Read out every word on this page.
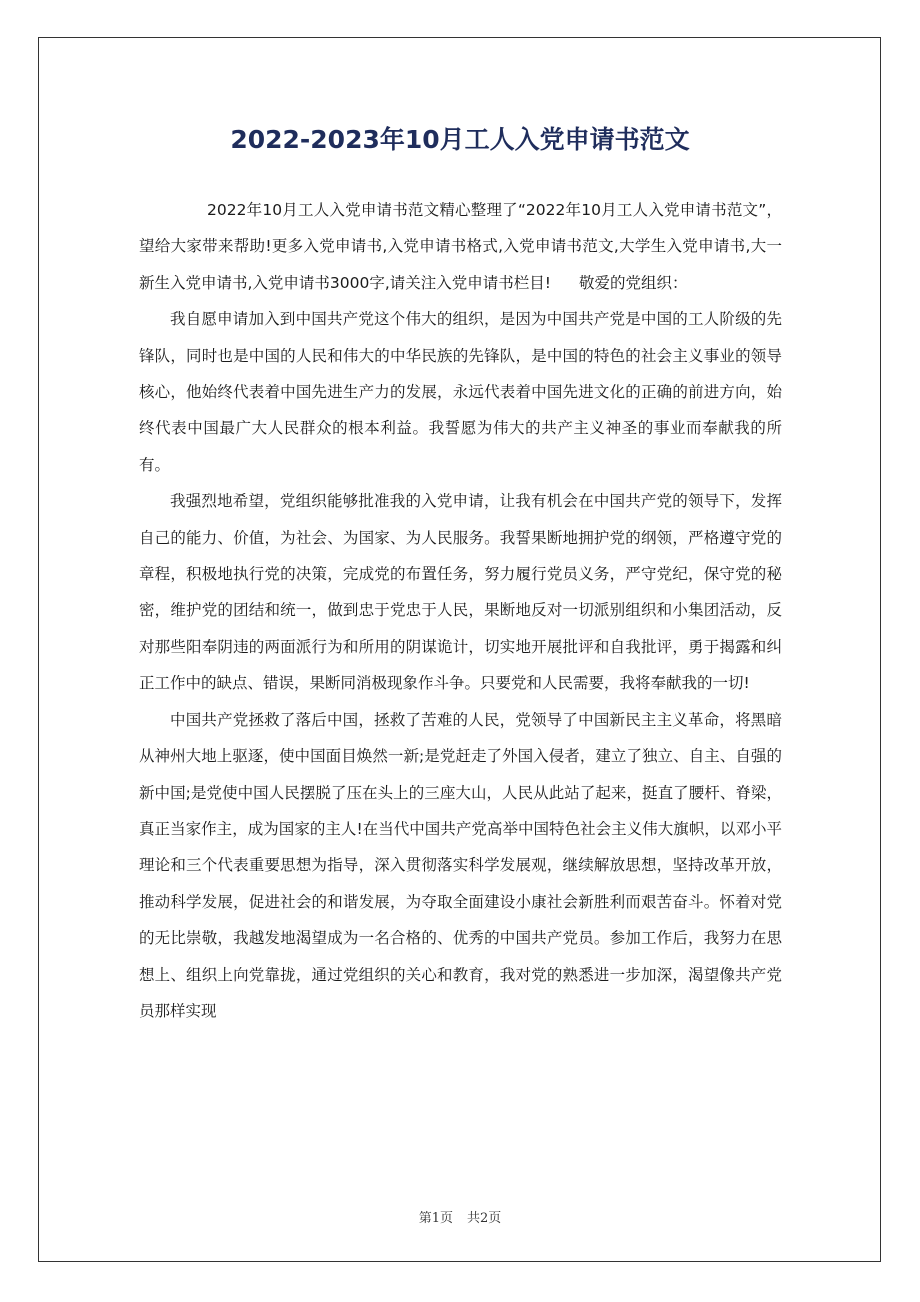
2022-2023年10月工人入党申请书范文

2022年10月工人入党申请书范文精心整理了“2022年10月工人入党申请书范文”，望给大家带来帮助!更多入党申请书,入党申请书格式,入党申请书范文,大学生入党申请书,大一新生入党申请书,入党申请书3000字,请关注入党申请书栏目! 敬爱的党组织：

我自愿申请加入到中国共产党这个伟大的组织，是因为中国共产党是中国的工人阶级的先锋队，同时也是中国的人民和伟大的中华民族的先锋队，是中国的特色的社会主义事业的领导核心，他始终代表着中国先进生产力的发展，永远代表着中国先进文化的正确的前进方向，始终代表中国最广大人民群众的根本利益。我誓愿为伟大的共产主义神圣的事业而奉献我的所有。

我强烈地希望，党组织能够批准我的入党申请，让我有机会在中国共产党的领导下，发挥自己的能力、价值，为社会、为国家、为人民服务。我誓果断地拥护党的纲领，严格遵守党的章程，积极地执行党的决策，完成党的布置任务，努力履行党员义务，严守党纪，保守党的秘密，维护党的团结和统一，做到忠于党忠于人民，果断地反对一切派别组织和小集团活动，反对那些阳奉阴违的两面派行为和所用的阴谋诡计，切实地开展批评和自我批评，勇于揭露和纠正工作中的缺点、错误，果断同消极现象作斗争。只要党和人民需要，我将奉献我的一切!

中国共产党拯救了落后中国，拯救了苦难的人民，党领导了中国新民主主义革命，将黑暗从神州大地上驱逐，使中国面目焕然一新;是党赶走了外国入侵者，建立了独立、自主、自强的新中国;是党使中国人民摆脱了压在头上的三座大山，人民从此站了起来，挺直了腰杆、脊梁，真正当家作主，成为国家的主人!在当代中国共产党高举中国特色社会主义伟大旗帜，以邓小平理论和三个代表重要思想为指导，深入贯彻落实科学发展观，继续解放思想，坚持改革开放，推动科学发展，促进社会的和谐发展，为夺取全面建设小康社会新胜利而艰苦奋斗。怀着对党的无比崇敬，我越发地渴望成为一名合格的、优秀的中国共产党员。参加工作后，我努力在思想上、组织上向党靠拢，通过党组织的关心和教育，我对党的熟悉进一步加深，渴望像共产党员那样实现

第1页 共2页
